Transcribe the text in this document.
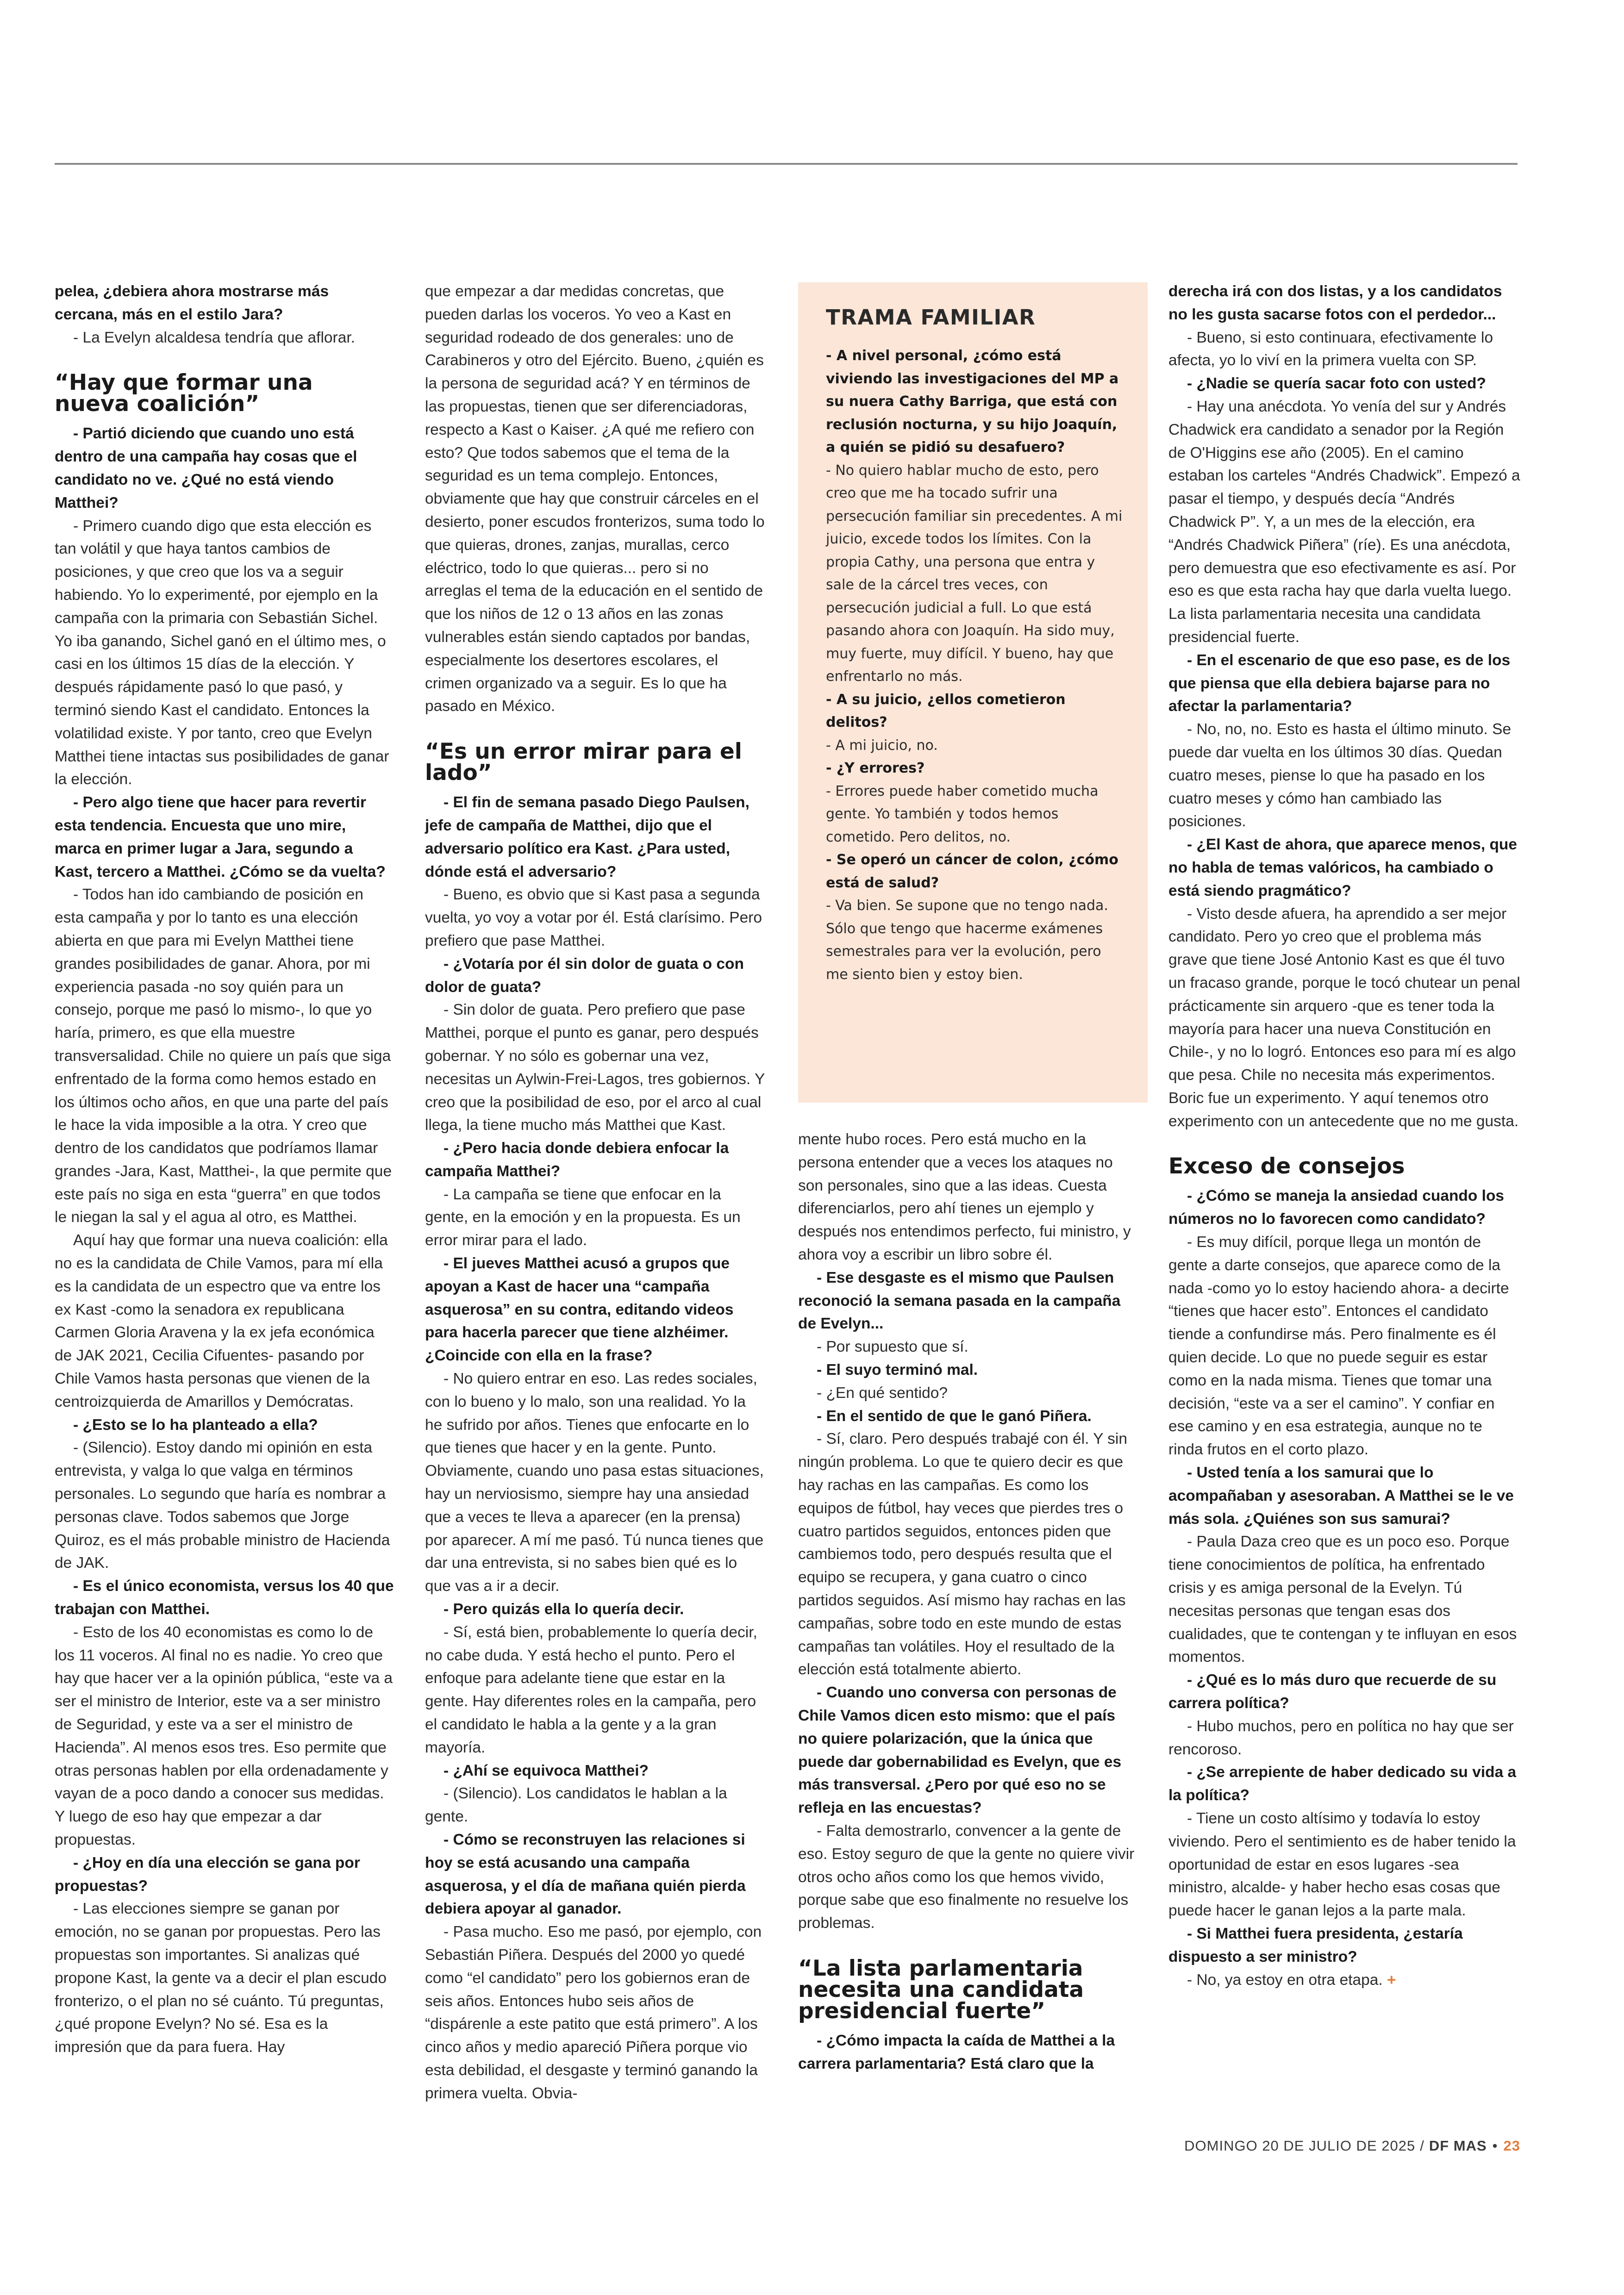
pelea, ¿debiera ahora mostrarse más cercana, más en el estilo Jara?

- La Evelyn alcaldesa tendría que aflorar.

“Hay que formar una nueva coalición”

- Partió diciendo que cuando uno está dentro de una campaña hay cosas que el candidato no ve. ¿Qué no está viendo Matthei?

- Primero cuando digo que esta elección es tan volátil y que haya tantos cambios de posiciones, y que creo que los va a seguir habiendo. Yo lo experimenté, por ejemplo en la campaña con la primaria con Sebastián Sichel. Yo iba ganando, Sichel ganó en el último mes, o casi en los últimos 15 días de la elección. Y después rápidamente pasó lo que pasó, y terminó siendo Kast el candidato. Entonces la volatilidad existe. Y por tanto, creo que Evelyn Matthei tiene intactas sus posibilidades de ganar la elección.

- Pero algo tiene que hacer para revertir esta tendencia. Encuesta que uno mire, marca en primer lugar a Jara, segundo a Kast, tercero a Matthei. ¿Cómo se da vuelta?

- Todos han ido cambiando de posición en esta campaña y por lo tanto es una elección abierta en que para mi Evelyn Matthei tiene grandes posibilidades de ganar. Ahora, por mi experiencia pasada -no soy quién para un consejo, porque me pasó lo mismo-, lo que yo haría, primero, es que ella muestre transversalidad. Chile no quiere un país que siga enfrentado de la forma como hemos estado en los últimos ocho años, en que una parte del país le hace la vida imposible a la otra. Y creo que dentro de los candidatos que podríamos llamar grandes -Jara, Kast, Matthei-, la que permite que este país no siga en esta “guerra” en que todos le niegan la sal y el agua al otro, es Matthei.

Aquí hay que formar una nueva coalición: ella no es la candidata de Chile Vamos, para mí ella es la candidata de un espectro que va entre los ex Kast -como la senadora ex republicana Carmen Gloria Aravena y la ex jefa económica de JAK 2021, Cecilia Cifuentes- pasando por Chile Vamos hasta personas que vienen de la centroizquierda de Amarillos y Demócratas.

- ¿Esto se lo ha planteado a ella?

- (Silencio). Estoy dando mi opinión en esta entrevista, y valga lo que valga en términos personales. Lo segundo que haría es nombrar a personas clave. Todos sabemos que Jorge Quiroz, es el más probable ministro de Hacienda de JAK.

- Es el único economista, versus los 40 que trabajan con Matthei.

- Esto de los 40 economistas es como lo de los 11 voceros. Al final no es nadie. Yo creo que hay que hacer ver a la opinión pública, “este va a ser el ministro de Interior, este va a ser ministro de Seguridad, y este va a ser el ministro de Hacienda”. Al menos esos tres. Eso permite que otras personas hablen por ella ordenadamente y vayan de a poco dando a conocer sus medidas. Y luego de eso hay que empezar a dar propuestas.

- ¿Hoy en día una elección se gana por propuestas?

- Las elecciones siempre se ganan por emoción, no se ganan por propuestas. Pero las propuestas son importantes. Si analizas qué propone Kast, la gente va a decir el plan escudo fronterizo, o el plan no sé cuánto. Tú preguntas, ¿qué propone Evelyn? No sé. Esa es la impresión que da para fuera. Hay

que empezar a dar medidas concretas, que pueden darlas los voceros. Yo veo a Kast en seguridad rodeado de dos generales: uno de Carabineros y otro del Ejército. Bueno, ¿quién es la persona de seguridad acá? Y en términos de las propuestas, tienen que ser diferenciadoras, respecto a Kast o Kaiser. ¿A qué me refiero con esto? Que todos sabemos que el tema de la seguridad es un tema complejo. Entonces, obviamente que hay que construir cárceles en el desierto, poner escudos fronterizos, suma todo lo que quieras, drones, zanjas, murallas, cerco eléctrico, todo lo que quieras... pero si no arreglas el tema de la educación en el sentido de que los niños de 12 o 13 años en las zonas vulnerables están siendo captados por bandas, especialmente los desertores escolares, el crimen organizado va a seguir. Es lo que ha pasado en México.

“Es un error mirar para el lado”

- El fin de semana pasado Diego Paulsen, jefe de campaña de Matthei, dijo que el adversario político era Kast. ¿Para usted, dónde está el adversario?

- Bueno, es obvio que si Kast pasa a segunda vuelta, yo voy a votar por él. Está clarísimo. Pero prefiero que pase Matthei.

- ¿Votaría por él sin dolor de guata o con dolor de guata?

- Sin dolor de guata. Pero prefiero que pase Matthei, porque el punto es ganar, pero después gobernar. Y no sólo es gobernar una vez, necesitas un Aylwin-Frei-Lagos, tres gobiernos. Y creo que la posibilidad de eso, por el arco al cual llega, la tiene mucho más Matthei que Kast.

- ¿Pero hacia donde debiera enfocar la campaña Matthei?

- La campaña se tiene que enfocar en la gente, en la emoción y en la propuesta. Es un error mirar para el lado.

- El jueves Matthei acusó a grupos que apoyan a Kast de hacer una “campaña asquerosa” en su contra, editando videos para hacerla parecer que tiene alzhéimer. ¿Coincide con ella en la frase?

- No quiero entrar en eso. Las redes sociales, con lo bueno y lo malo, son una realidad. Yo la he sufrido por años. Tienes que enfocarte en lo que tienes que hacer y en la gente. Punto. Obviamente, cuando uno pasa estas situaciones, hay un nerviosismo, siempre hay una ansiedad que a veces te lleva a aparecer (en la prensa) por aparecer. A mí me pasó. Tú nunca tienes que dar una entrevista, si no sabes bien qué es lo que vas a ir a decir.

- Pero quizás ella lo quería decir.

- Sí, está bien, probablemente lo quería decir, no cabe duda. Y está hecho el punto. Pero el enfoque para adelante tiene que estar en la gente. Hay diferentes roles en la campaña, pero el candidato le habla a la gente y a la gran mayoría.

- ¿Ahí se equivoca Matthei?

- (Silencio). Los candidatos le hablan a la gente.

- Cómo se reconstruyen las relaciones si hoy se está acusando una campaña asquerosa, y el día de mañana quién pierda debiera apoyar al ganador.

- Pasa mucho. Eso me pasó, por ejemplo, con Sebastián Piñera. Después del 2000 yo quedé como “el candidato” pero los gobiernos eran de seis años. Entonces hubo seis años de “dispárenle a este patito que está primero”. A los cinco años y medio apareció Piñera porque vio esta debilidad, el desgaste y terminó ganando la primera vuelta. Obvia-

TRAMA FAMILIAR

- A nivel personal, ¿cómo está viviendo las investigaciones del MP a su nuera Cathy Barriga, que está con reclusión nocturna, y su hijo Joaquín, a quién se pidió su desafuero?

- No quiero hablar mucho de esto, pero creo que me ha tocado sufrir una persecución familiar sin precedentes. A mi juicio, excede todos los límites. Con la propia Cathy, una persona que entra y sale de la cárcel tres veces, con persecución judicial a full. Lo que está pasando ahora con Joaquín. Ha sido muy, muy fuerte, muy difícil. Y bueno, hay que enfrentarlo no más.

- A su juicio, ¿ellos cometieron delitos?

- A mi juicio, no.

- ¿Y errores?

- Errores puede haber cometido mucha gente. Yo también y todos hemos cometido. Pero delitos, no.

- Se operó un cáncer de colon, ¿cómo está de salud?

- Va bien. Se supone que no tengo nada. Sólo que tengo que hacerme exámenes semestrales para ver la evolución, pero me siento bien y estoy bien.

mente hubo roces. Pero está mucho en la persona entender que a veces los ataques no son personales, sino que a las ideas. Cuesta diferenciarlos, pero ahí tienes un ejemplo y después nos entendimos perfecto, fui ministro, y ahora voy a escribir un libro sobre él.

- Ese desgaste es el mismo que Paulsen reconoció la semana pasada en la campaña de Evelyn...

- Por supuesto que sí.

- El suyo terminó mal.

- ¿En qué sentido?

- En el sentido de que le ganó Piñera.

- Sí, claro. Pero después trabajé con él. Y sin ningún problema. Lo que te quiero decir es que hay rachas en las campañas. Es como los equipos de fútbol, hay veces que pierdes tres o cuatro partidos seguidos, entonces piden que cambiemos todo, pero después resulta que el equipo se recupera, y gana cuatro o cinco partidos seguidos. Así mismo hay rachas en las campañas, sobre todo en este mundo de estas campañas tan volátiles. Hoy el resultado de la elección está totalmente abierto.

- Cuando uno conversa con personas de Chile Vamos dicen esto mismo: que el país no quiere polarización, que la única que puede dar gobernabilidad es Evelyn, que es más transversal. ¿Pero por qué eso no se refleja en las encuestas?

- Falta demostrarlo, convencer a la gente de eso. Estoy seguro de que la gente no quiere vivir otros ocho años como los que hemos vivido, porque sabe que eso finalmente no resuelve los problemas.

“La lista parlamentaria necesita una candidata presidencial fuerte”

- ¿Cómo impacta la caída de Matthei a la carrera parlamentaria? Está claro que la

derecha irá con dos listas, y a los candidatos no les gusta sacarse fotos con el perdedor...

- Bueno, si esto continuara, efectivamente lo afecta, yo lo viví en la primera vuelta con SP.

- ¿Nadie se quería sacar foto con usted?

- Hay una anécdota. Yo venía del sur y Andrés Chadwick era candidato a senador por la Región de O'Higgins ese año (2005). En el camino estaban los carteles “Andrés Chadwick”. Empezó a pasar el tiempo, y después decía “Andrés Chadwick P”. Y, a un mes de la elección, era “Andrés Chadwick Piñera” (ríe). Es una anécdota, pero demuestra que eso efectivamente es así. Por eso es que esta racha hay que darla vuelta luego. La lista parlamentaria necesita una candidata presidencial fuerte.

- En el escenario de que eso pase, es de los que piensa que ella debiera bajarse para no afectar la parlamentaria?

- No, no, no. Esto es hasta el último minuto. Se puede dar vuelta en los últimos 30 días. Quedan cuatro meses, piense lo que ha pasado en los cuatro meses y cómo han cambiado las posiciones.

- ¿El Kast de ahora, que aparece menos, que no habla de temas valóricos, ha cambiado o está siendo pragmático?

- Visto desde afuera, ha aprendido a ser mejor candidato. Pero yo creo que el problema más grave que tiene José Antonio Kast es que él tuvo un fracaso grande, porque le tocó chutear un penal prácticamente sin arquero -que es tener toda la mayoría para hacer una nueva Constitución en Chile-, y no lo logró. Entonces eso para mí es algo que pesa. Chile no necesita más experimentos. Boric fue un experimento. Y aquí tenemos otro experimento con un antecedente que no me gusta.

Exceso de consejos

- ¿Cómo se maneja la ansiedad cuando los números no lo favorecen como candidato?

- Es muy difícil, porque llega un montón de gente a darte consejos, que aparece como de la nada -como yo lo estoy haciendo ahora- a decirte “tienes que hacer esto”. Entonces el candidato tiende a confundirse más. Pero finalmente es él quien decide. Lo que no puede seguir es estar como en la nada misma. Tienes que tomar una decisión, “este va a ser el camino”. Y confiar en ese camino y en esa estrategia, aunque no te rinda frutos en el corto plazo.

- Usted tenía a los samurai que lo acompañaban y asesoraban. A Matthei se le ve más sola. ¿Quiénes son sus samurai?

- Paula Daza creo que es un poco eso. Porque tiene conocimientos de política, ha enfrentado crisis y es amiga personal de la Evelyn. Tú necesitas personas que tengan esas dos cualidades, que te contengan y te influyan en esos momentos.

- ¿Qué es lo más duro que recuerde de su carrera política?

- Hubo muchos, pero en política no hay que ser rencoroso.

- ¿Se arrepiente de haber dedicado su vida a la política?

- Tiene un costo altísimo y todavía lo estoy viviendo. Pero el sentimiento es de haber tenido la oportunidad de estar en esos lugares -sea ministro, alcalde- y haber hecho esas cosas que puede hacer le ganan lejos a la parte mala.

- Si Matthei fuera presidenta, ¿estaría dispuesto a ser ministro?

- No, ya estoy en otra etapa. +

DOMINGO 20 DE JULIO DE 2025 / DF MAS • 23
